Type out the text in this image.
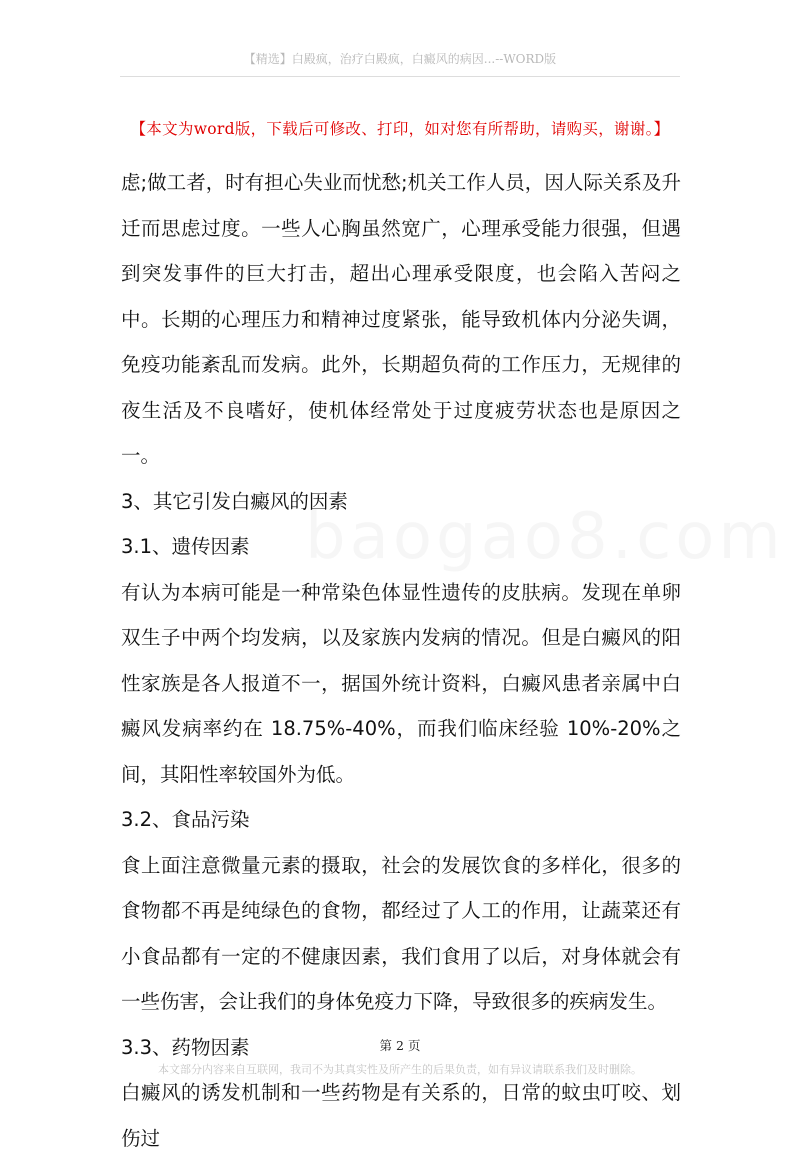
【精选】白殿疯，治疗白殿疯，白癜风的病因...--WORD版
【本文为word版，下载后可修改、打印，如对您有所帮助，请购买，谢谢。】

虑;做工者，时有担心失业而忧愁;机关工作人员，因人际关系及升迁而思虑过度。一些人心胸虽然宽广，心理承受能力很强，但遇到突发事件的巨大打击，超出心理承受限度，也会陷入苦闷之中。长期的心理压力和精神过度紧张，能导致机体内分泌失调，免疫功能紊乱而发病。此外，长期超负荷的工作压力，无规律的夜生活及不良嗜好，使机体经常处于过度疲劳状态也是原因之一。

3、其它引发白癜风的因素

3.1、遗传因素

有认为本病可能是一种常染色体显性遗传的皮肤病。发现在单卵双生子中两个均发病，以及家族内发病的情况。但是白癜风的阳性家族是各人报道不一，据国外统计资料，白癜风患者亲属中白癜风发病率约在 18.75%-40%，而我们临床经验 10%-20%之间，其阳性率较国外为低。

3.2、食品污染

食上面注意微量元素的摄取，社会的发展饮食的多样化，很多的食物都不再是纯绿色的食物，都经过了人工的作用，让蔬菜还有小食品都有一定的不健康因素，我们食用了以后，对身体就会有一些伤害，会让我们的身体免疫力下降，导致很多的疾病发生。

3.3、药物因素

白癜风的诱发机制和一些药物是有关系的，日常的蚊虫叮咬、划伤过

第 2 页
本文部分内容来自互联网，我司不为其真实性及所产生的后果负责，如有异议请联系我们及时删除。
